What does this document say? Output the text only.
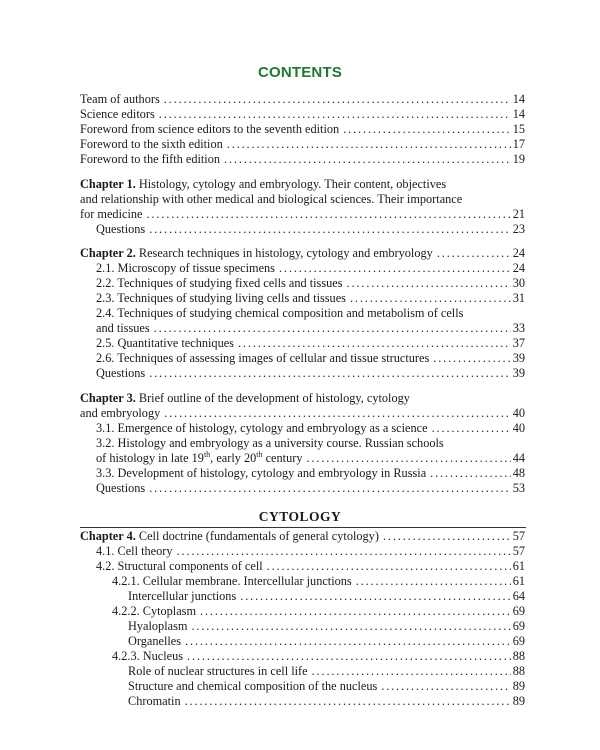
CONTENTS
Team of authors . . .	14
Science editors . . .	14
Foreword from science editors to the seventh edition . . .	15
Foreword to the sixth edition . . .	17
Foreword to the fifth edition . . .	19
Chapter 1. Histology, cytology and embryology. Their content, objectives
and relationship with other medical and biological sciences. Their importance
for medicine . . .	21
Questions . . .	23
Chapter 2. Research techniques in histology, cytology and embryology . . .	24
2.1. Microscopy of tissue specimens . . .	24
2.2. Techniques of studying fixed cells and tissues . . .	30
2.3. Techniques of studying living cells and tissues . . .	31
2.4. Techniques of studying chemical composition and metabolism of cells
and tissues . . .	33
2.5. Quantitative techniques . . .	37
2.6. Techniques of assessing images of cellular and tissue structures . . .	39
Questions . . .	39
Chapter 3. Brief outline of the development of histology, cytology
and embryology . . .	40
3.1. Emergence of histology, cytology and embryology as a science . . .	40
3.2. Histology and embryology as a university course. Russian schools
of histology in late 19th, early 20th century . . .	44
3.3. Development of histology, cytology and embryology in Russia . . .	48
Questions . . .	53
CYTOLOGY
Chapter 4. Cell doctrine (fundamentals of general cytology) . . .	57
4.1. Cell theory . . .	57
4.2. Structural components of cell . . .	61
4.2.1. Cellular membrane. Intercellular junctions . . .	61
Intercellular junctions . . .	64
4.2.2. Cytoplasm . . .	69
Hyaloplasm . . .	69
Organelles . . .	69
4.2.3. Nucleus . . .	88
Role of nuclear structures in cell life . . .	88
Structure and chemical composition of the nucleus . . .	89
Chromatin . . .	89
